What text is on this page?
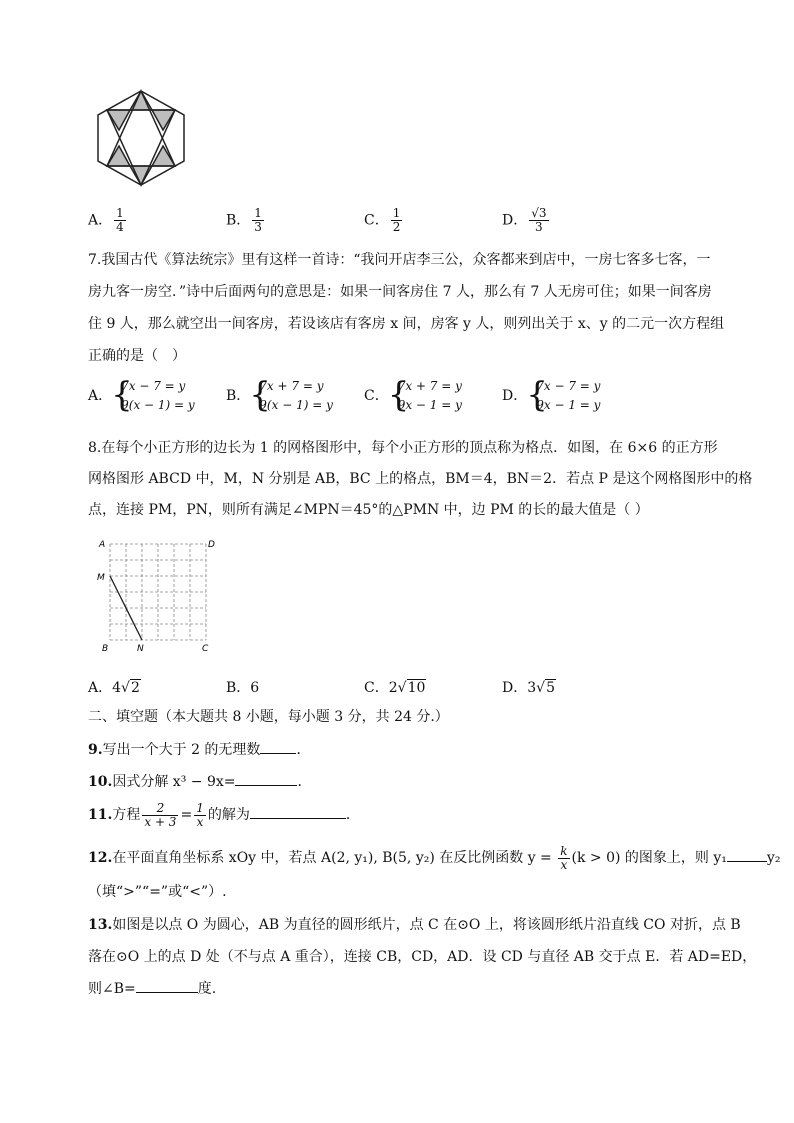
A． $\frac{1}{4}$	B． $\frac{1}{3}$	C． $\frac{1}{2}$	D． $\frac{√3}{3}$
7.我国古代《算法统宗》里有这样一首诗：“我问开店李三公，众客都来到店中，一房七客多七客，一
房九客一房空．”诗中后面两句的意思是：如果一间客房住 7 人，那么有 7 人无房可住；如果一间客房
住 9 人，那么就空出一间客房，若设该店有客房 x 间，房客 y 人，则列出关于 x、y 的二元一次方程组
正确的是（　）
A．
{ 7x − 7 = y
9(x − 1) = y
B．
{ 7x + 7 = y
9(x − 1) = y
C．
{ 7x + 7 = y
9x − 1 = y
D．
{ 7x − 7 = y
9x − 1 = y
8.在每个小正方形的边长为 1 的网格图形中，每个小正方形的顶点称为格点．如图，在 6×6 的正方形
网格图形 ABCD 中，M，N 分别是 AB，BC 上的格点，BM＝4，BN＝2．若点 P 是这个网格图形中的格
点，连接 PM，PN，则所有满足∠MPN＝45°的△PMN 中，边 PM 的长的最大值是（ ）
A	D
M
B	N	C
A．4√2	B．6	C．2√10	D．3√5
二、填空题（本大题共 8 小题，每小题 3 分，共 24 分.）
9.写出一个大于 2 的无理数	．
10.因式分解 x³ − 9x=	．
11.方程 $\frac{2}{x + 3} = \frac{1}{x}$ 的解为	．
12.在平面直角坐标系 xOy 中，若点 A(2, y₁), B(5, y₂) 在反比例函数 $y = \frac{k}{x} (k > 0)$ 的图象上，则 y₁	y₂
（填“>”“=”或“<”）.
13.如图是以点 O 为圆心，AB 为直径的圆形纸片，点 C 在⊙O 上，将该圆形纸片沿直线 CO 对折，点 B
落在⊙O 上的点 D 处（不与点 A 重合），连接 CB，CD，AD．设 CD 与直径 AB 交于点 E．若 AD=ED，
则∠B=	度.
